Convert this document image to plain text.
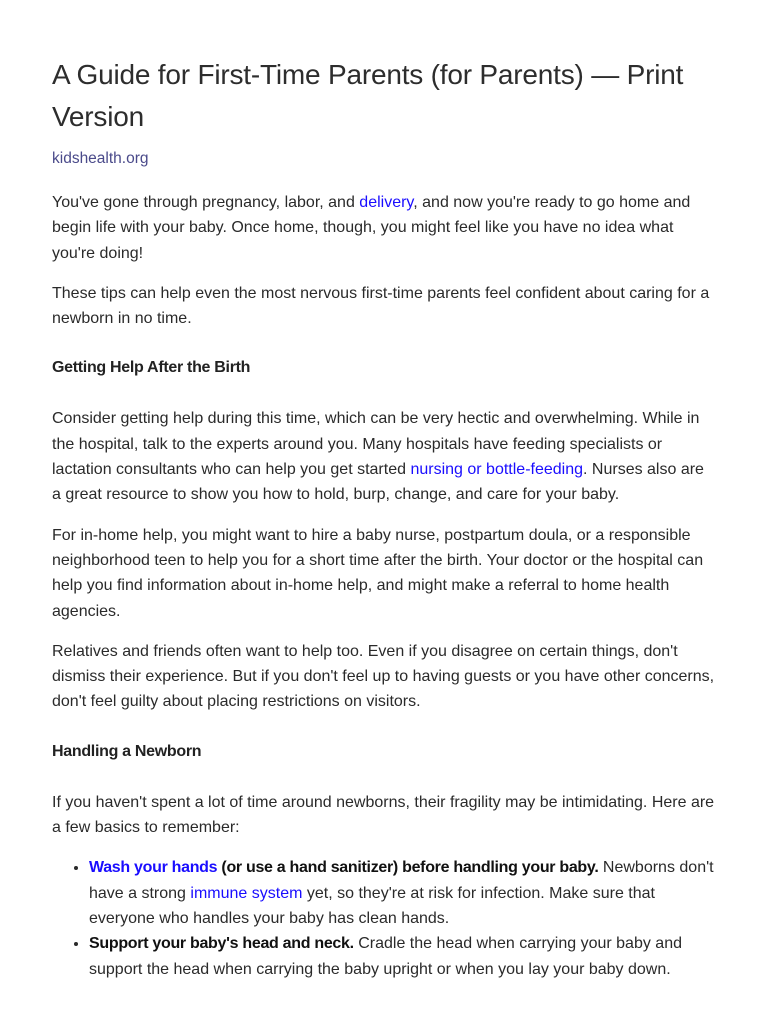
A Guide for First-Time Parents (for Parents) — Print Version
kidshealth.org

You've gone through pregnancy, labor, and delivery, and now you're ready to go home and begin life with your baby. Once home, though, you might feel like you have no idea what you're doing!

These tips can help even the most nervous first-time parents feel confident about caring for a newborn in no time.

Getting Help After the Birth

Consider getting help during this time, which can be very hectic and overwhelming. While in the hospital, talk to the experts around you. Many hospitals have feeding specialists or lactation consultants who can help you get started nursing or bottle-feeding. Nurses also are a great resource to show you how to hold, burp, change, and care for your baby.

For in-home help, you might want to hire a baby nurse, postpartum doula, or a responsible neighborhood teen to help you for a short time after the birth. Your doctor or the hospital can help you find information about in-home help, and might make a referral to home health agencies.

Relatives and friends often want to help too. Even if you disagree on certain things, don't dismiss their experience. But if you don't feel up to having guests or you have other concerns, don't feel guilty about placing restrictions on visitors.

Handling a Newborn

If you haven't spent a lot of time around newborns, their fragility may be intimidating. Here are a few basics to remember:

• Wash your hands (or use a hand sanitizer) before handling your baby. Newborns don't have a strong immune system yet, so they're at risk for infection. Make sure that everyone who handles your baby has clean hands.
• Support your baby's head and neck. Cradle the head when carrying your baby and support the head when carrying the baby upright or when you lay your baby down.
